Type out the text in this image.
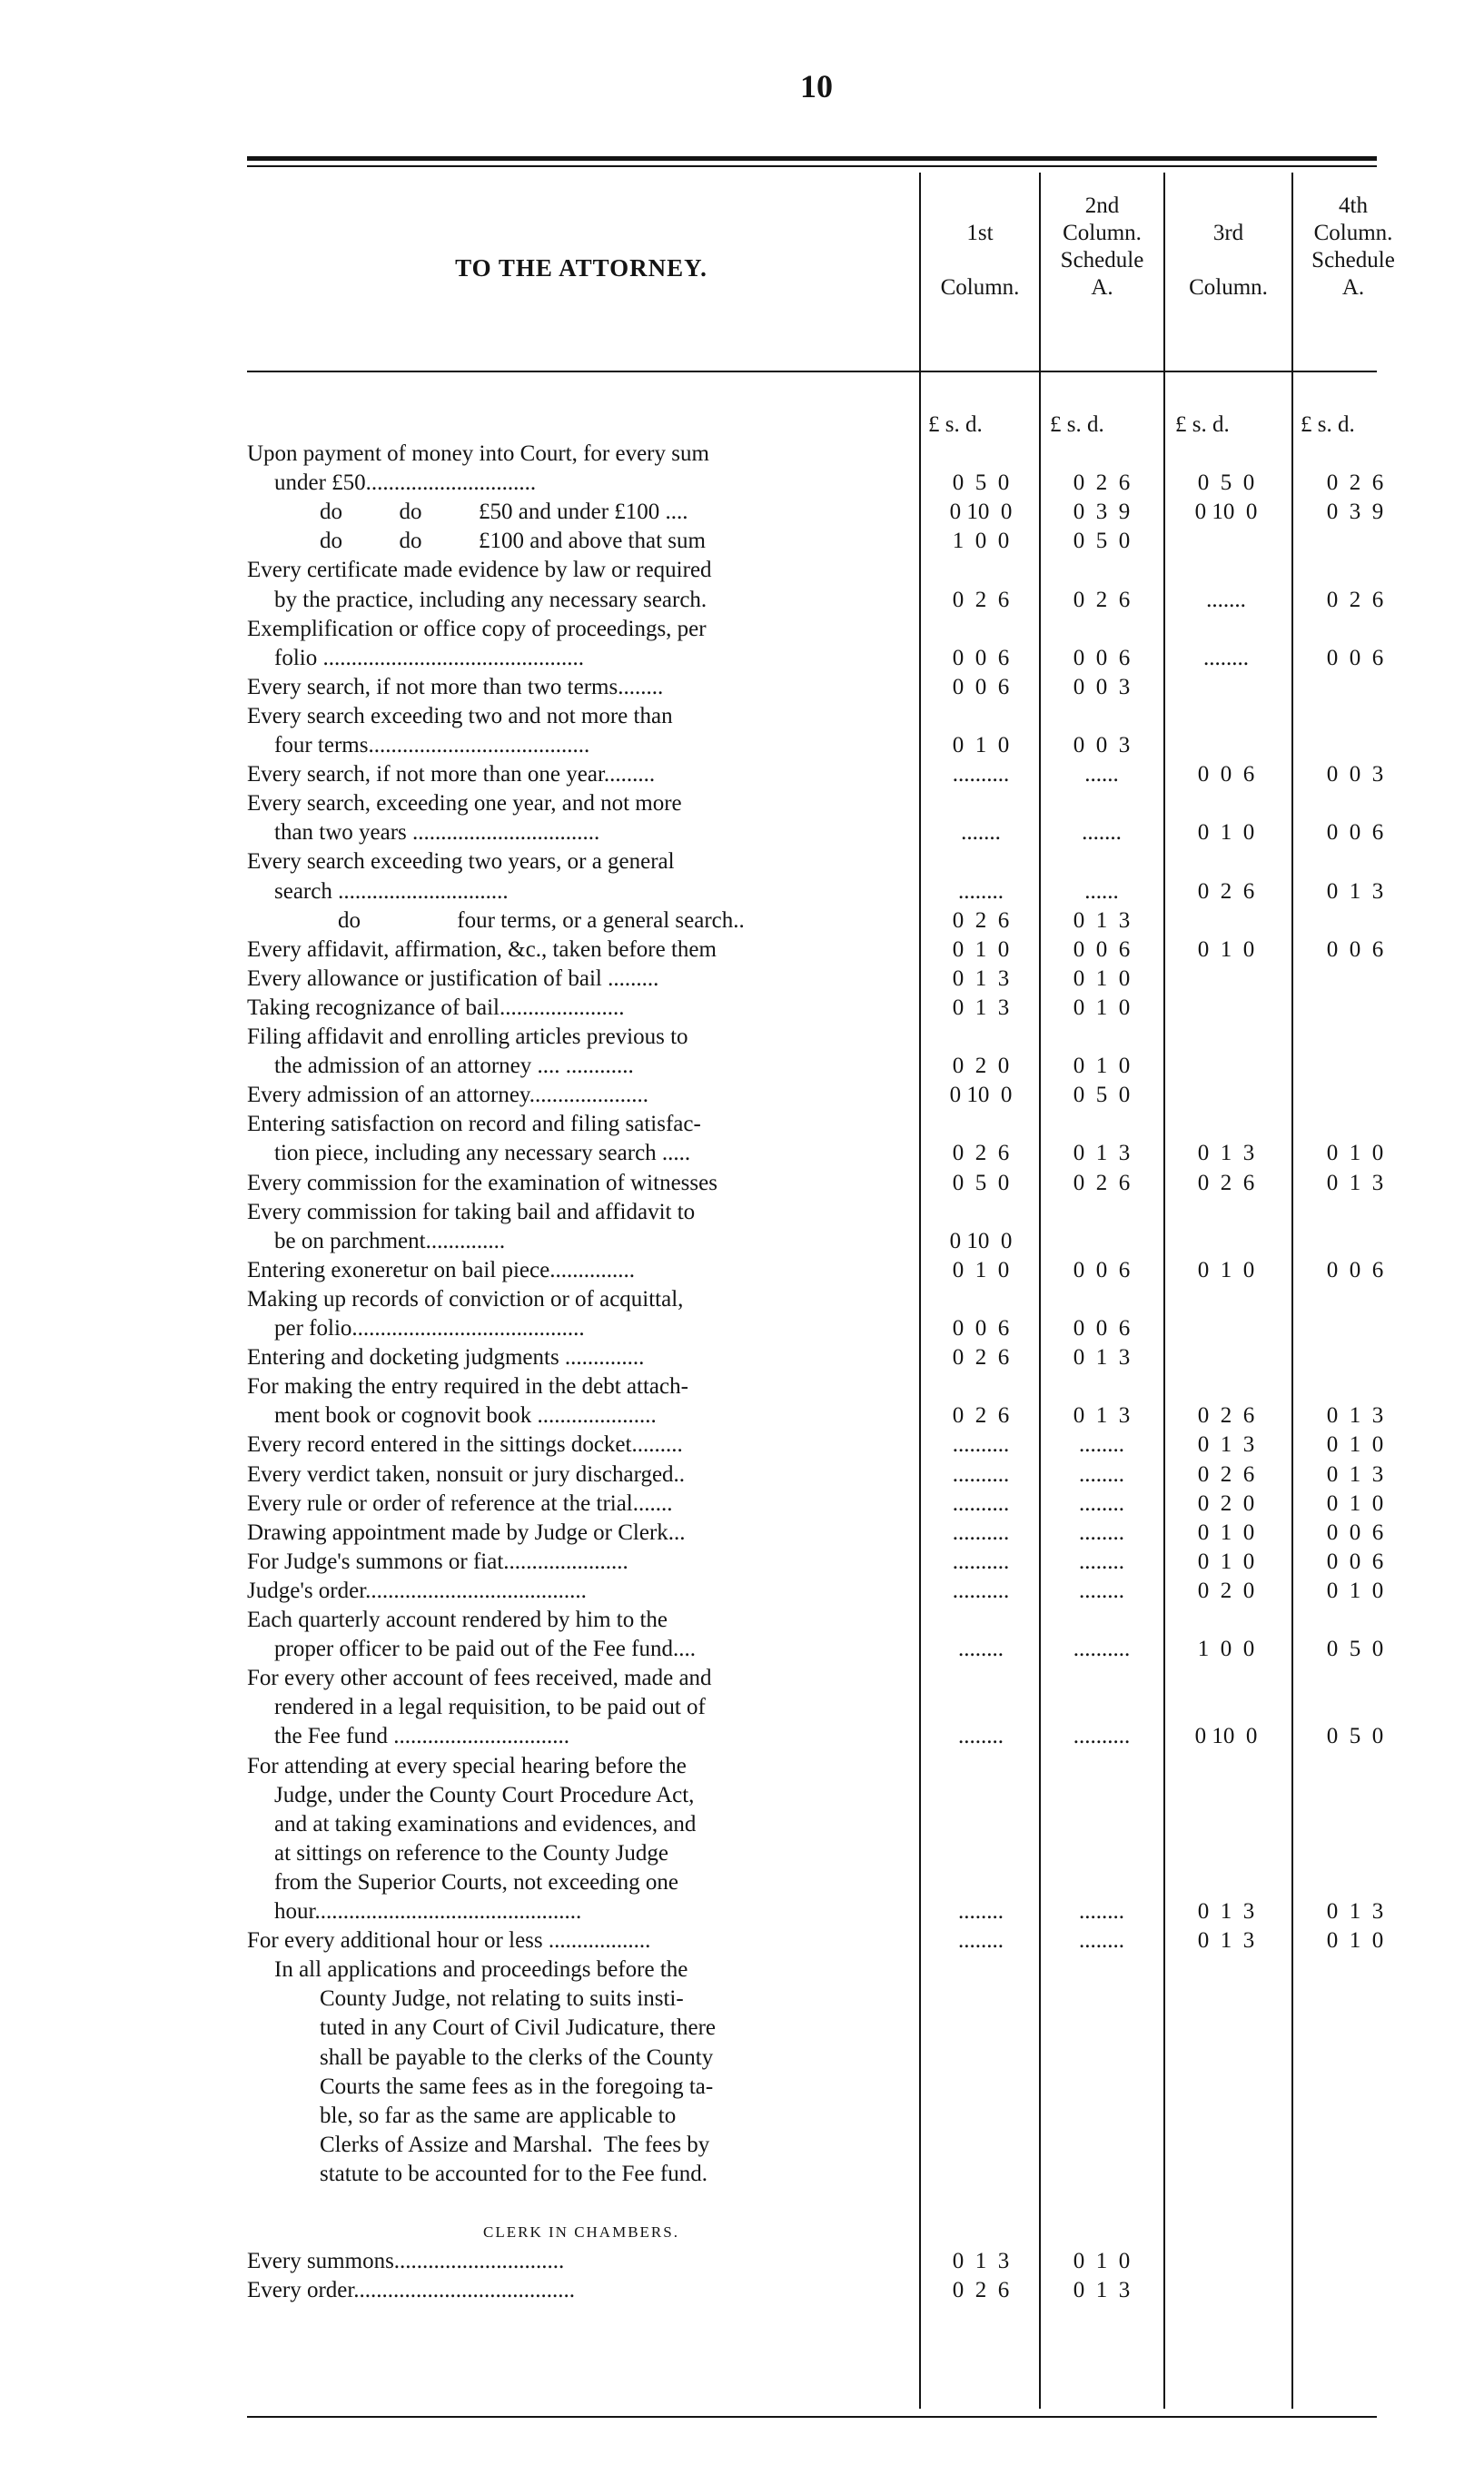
10
TO THE ATTORNEY.
1st
Column.
2nd
Column.
Schedule
A.
3rd
Column.
4th
Column.
Schedule
A.
£ s. d.	£ s. d.	£ s. d.	£ s. d.
Upon payment of money into Court, for every sum
under £50..............................	0  5  0	0  2  6	0  5  0	0  2  6
do          do          £50 and under £100 ....	0 10  0	0  3  9	0 10  0	0  3  9
do          do          £100 and above that sum	1  0  0	0  5  0
Every certificate made evidence by law or required
by the practice, including any necessary search.	0  2  6	0  2  6	.......	0  2  6
Exemplification or office copy of proceedings, per
folio ..............................................	0  0  6	0  0  6	........	0  0  6
Every search, if not more than two terms........	0  0  6	0  0  3
Every search exceeding two and not more than
four terms.......................................	0  1  0	0  0  3
Every search, if not more than one year.........	..........	......	0  0  6	0  0  3
Every search, exceeding one year, and not more
than two years .................................	.......	.......	0  1  0	0  0  6
Every search exceeding two years, or a general
search ..............................	........	......	0  2  6	0  1  3
do                 four terms, or a general search..	0  2  6	0  1  3
Every affidavit, affirmation, &c., taken before them	0  1  0	0  0  6	0  1  0	0  0  6
Every allowance or justification of bail .........	0  1  3	0  1  0
Taking recognizance of bail......................	0  1  3	0  1  0
Filing affidavit and enrolling articles previous to
the admission of an attorney .... ............	0  2  0	0  1  0
Every admission of an attorney.....................	0 10  0	0  5  0
Entering satisfaction on record and filing satisfac-
tion piece, including any necessary search .....	0  2  6	0  1  3	0  1  3	0  1  0
Every commission for the examination of witnesses	0  5  0	0  2  6	0  2  6	0  1  3
Every commission for taking bail and affidavit to
be on parchment..............	0 10  0
Entering exoneretur on bail piece...............	0  1  0	0  0  6	0  1  0	0  0  6
Making up records of conviction or of acquittal,
per folio.........................................	0  0  6	0  0  6
Entering and docketing judgments ..............	0  2  6	0  1  3
For making the entry required in the debt attach-
ment book or cognovit book .....................	0  2  6	0  1  3	0  2  6	0  1  3
Every record entered in the sittings docket.........	..........	........	0  1  3	0  1  0
Every verdict taken, nonsuit or jury discharged..	..........	........	0  2  6	0  1  3
Every rule or order of reference at the trial.......	..........	........	0  2  0	0  1  0
Drawing appointment made by Judge or Clerk...	..........	........	0  1  0	0  0  6
For Judge's summons or fiat......................	..........	........	0  1  0	0  0  6
Judge's order.......................................	..........	........	0  2  0	0  1  0
Each quarterly account rendered by him to the
proper officer to be paid out of the Fee fund....	........	..........	1  0  0	0  5  0
For every other account of fees received, made and
rendered in a legal requisition, to be paid out of
the Fee fund ...............................	........	..........	0 10  0	0  5  0
For attending at every special hearing before the
Judge, under the County Court Procedure Act,
and at taking examinations and evidences, and
at sittings on reference to the County Judge
from the Superior Courts, not exceeding one
hour...............................................	........	........	0  1  3	0  1  3
For every additional hour or less ..................	........	........	0  1  3	0  1  0
In all applications and proceedings before the
County Judge, not relating to suits insti-
tuted in any Court of Civil Judicature, there
shall be payable to the clerks of the County
Courts the same fees as in the foregoing ta-
ble, so far as the same are applicable to
Clerks of Assize and Marshal.  The fees by
statute to be accounted for to the Fee fund.
CLERK IN CHAMBERS.
Every summons..............................	0  1  3	0  1  0
Every order.......................................	0  2  6	0  1  3
